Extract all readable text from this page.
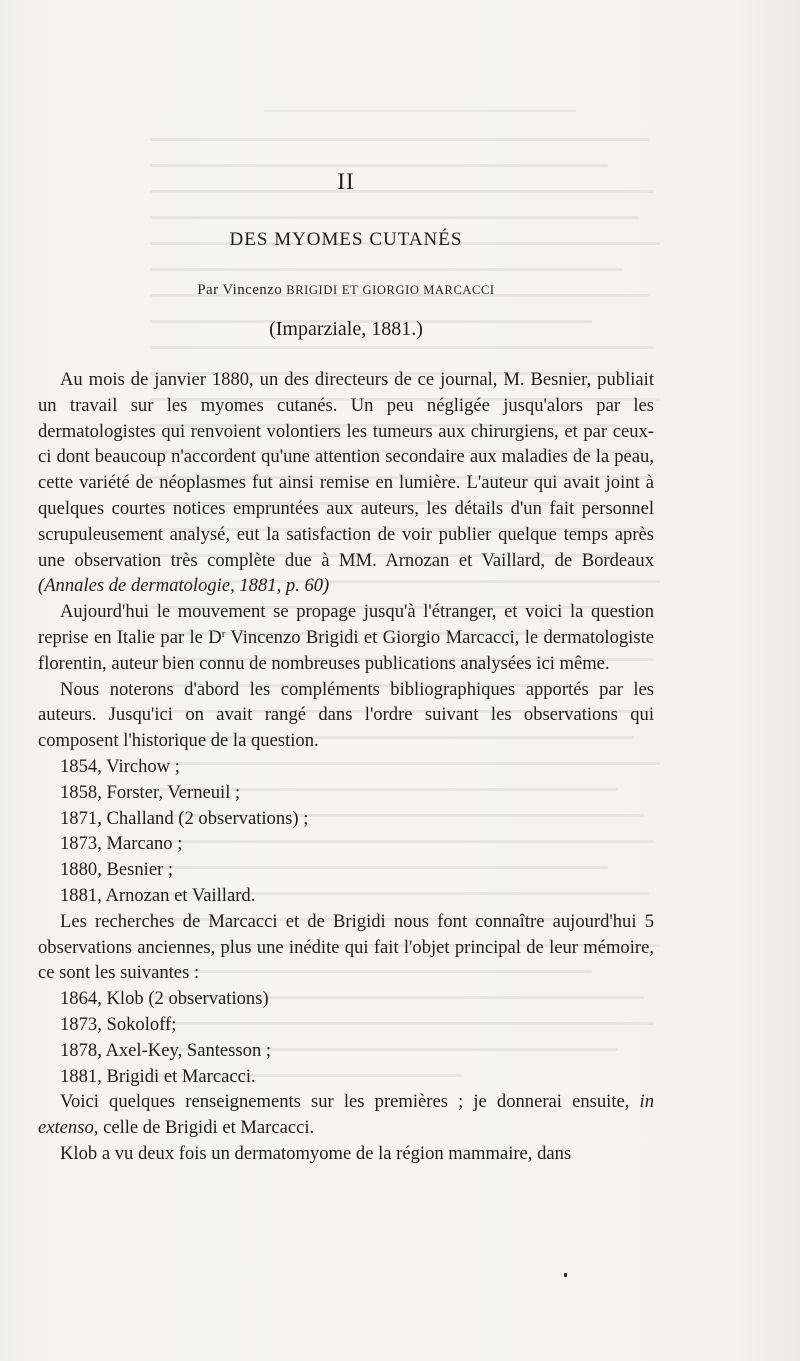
II
DES MYOMES CUTANÉS
Par Vincenzo BRIGIDI ET GIORGIO MARCACCI
(Imparziale, 1881.)

Au mois de janvier 1880, un des directeurs de ce journal, M. Besnier, publiait un travail sur les myomes cutanés. Un peu négligée jusqu'alors par les dermatologistes qui renvoient volontiers les tumeurs aux chirurgiens, et par ceux-ci dont beaucoup n'accordent qu'une attention secondaire aux maladies de la peau, cette variété de néoplasmes fut ainsi remise en lumière. L'auteur qui avait joint à quelques courtes notices empruntées aux auteurs, les détails d'un fait personnel scrupuleusement analysé, eut la satisfaction de voir publier quelque temps après une observation très complète due à MM. Arnozan et Vaillard, de Bordeaux (Annales de dermatologie, 1881, p. 60)

Aujourd'hui le mouvement se propage jusqu'à l'étranger, et voici la question reprise en Italie par le $D^r$ Vincenzo Brigidi et Giorgio Marcacci, le dermatologiste florentin, auteur bien connu de nombreuses publications analysées ici même.

Nous noterons d'abord les compléments bibliographiques apportés par les auteurs. Jusqu'ici on avait rangé dans l'ordre suivant les observations qui composent l'historique de la question.

1854, Virchow ;

1858, Forster, Verneuil ;

1871, Challand (2 observations) ;

1873, Marcano ;

1880, Besnier ;

1881, Arnozan et Vaillard.

Les recherches de Marcacci et de Brigidi nous font connaître aujourd'hui 5 observations anciennes, plus une inédite qui fait l'objet principal de leur mémoire, ce sont les suivantes :

1864, Klob (2 observations)

1873, Sokoloff;

1878, Axel-Key, Santesson ;

1881, Brigidi et Marcacci.

Voici quelques renseignements sur les premières ; je donnerai ensuite, in extenso, celle de Brigidi et Marcacci.

Klob a vu deux fois un dermatomyome de la région mammaire, dans
